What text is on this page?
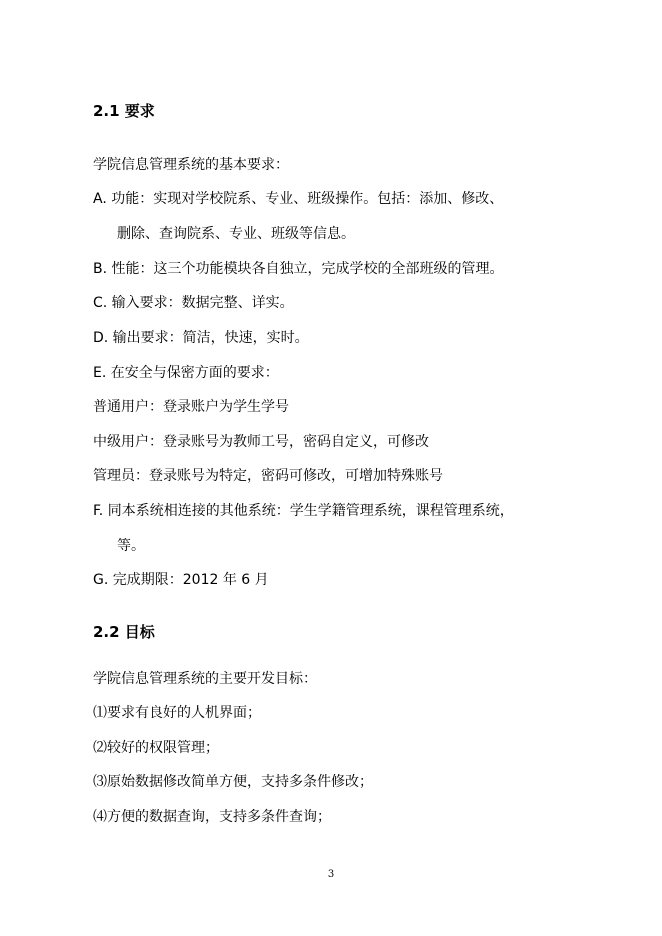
2.1 要求
学院信息管理系统的基本要求：
A. 功能：实现对学校院系、专业、班级操作。包括：添加、修改、
删除、查询院系、专业、班级等信息。
B. 性能：这三个功能模块各自独立，完成学校的全部班级的管理。
C. 输入要求：数据完整、详实。
D. 输出要求：简洁，快速，实时。
E. 在安全与保密方面的要求：
普通用户：登录账户为学生学号
中级用户：登录账号为教师工号，密码自定义，可修改
管理员：登录账号为特定，密码可修改，可增加特殊账号
F. 同本系统相连接的其他系统：学生学籍管理系统，课程管理系统，
等。
G. 完成期限：2012 年 6 月
2.2 目标
学院信息管理系统的主要开发目标：
⑴要求有良好的人机界面；
⑵较好的权限管理；
⑶原始数据修改简单方便，支持多条件修改；
⑷方便的数据查询，支持多条件查询；
3
